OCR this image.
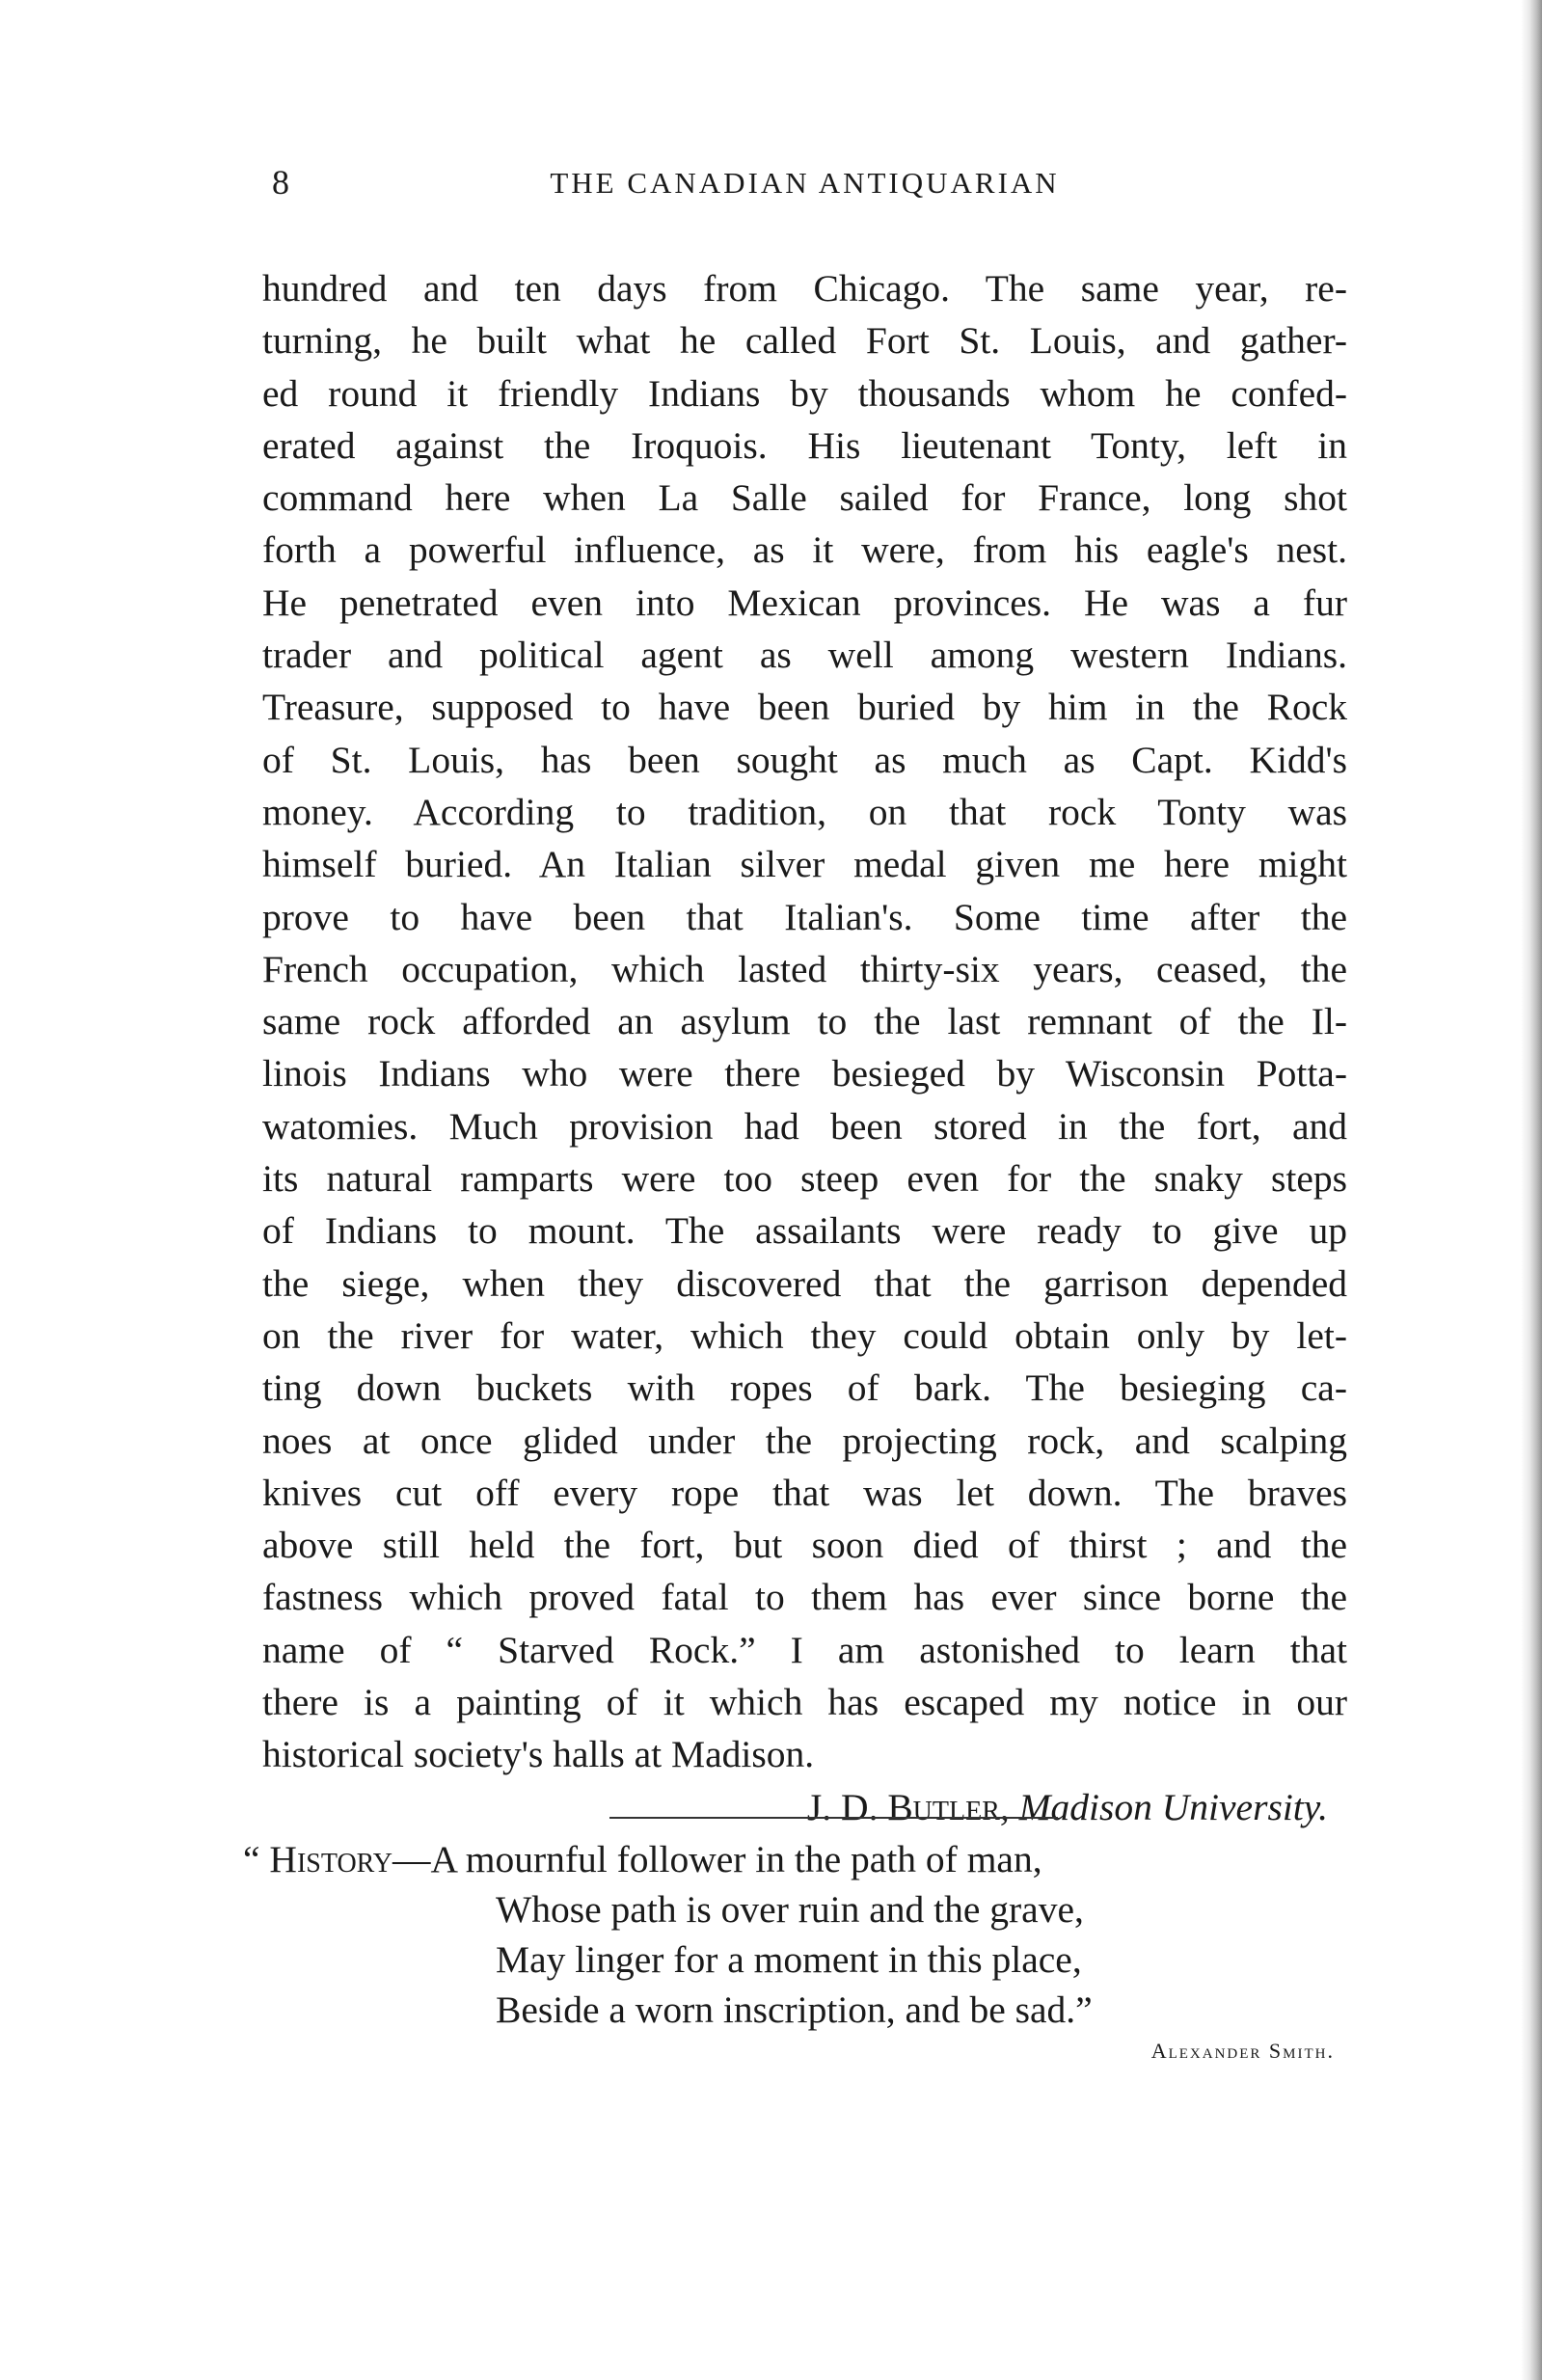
8	THE CANADIAN ANTIQUARIAN
hundred and ten days from Chicago. The same year, re-
turning, he built what he called Fort St. Louis, and gather-
ed round it friendly Indians by thousands whom he confed-
erated against the Iroquois. His lieutenant Tonty, left in
command here when La Salle sailed for France, long shot
forth a powerful influence, as it were, from his eagle's nest.
He penetrated even into Mexican provinces. He was a fur
trader and political agent as well among western Indians.
Treasure, supposed to have been buried by him in the Rock
of St. Louis, has been sought as much as Capt. Kidd's
money. According to tradition, on that rock Tonty was
himself buried. An Italian silver medal given me here might
prove to have been that Italian's. Some time after the
French occupation, which lasted thirty-six years, ceased, the
same rock afforded an asylum to the last remnant of the Il-
linois Indians who were there besieged by Wisconsin Potta-
watomies. Much provision had been stored in the fort, and
its natural ramparts were too steep even for the snaky steps
of Indians to mount. The assailants were ready to give up
the siege, when they discovered that the garrison depended
on the river for water, which they could obtain only by let-
ting down buckets with ropes of bark. The besieging ca-
noes at once glided under the projecting rock, and scalping
knives cut off every rope that was let down. The braves
above still held the fort, but soon died of thirst ; and the
fastness which proved fatal to them has ever since borne the
name of “ Starved Rock.” I am astonished to learn that
there is a painting of it which has escaped my notice in our
historical society's halls at Madison.
J. D. Butler, Madison University.
“ History—A mournful follower in the path of man,
Whose path is over ruin and the grave,
May linger for a moment in this place,
Beside a worn inscription, and be sad.”
Alexander Smith.
